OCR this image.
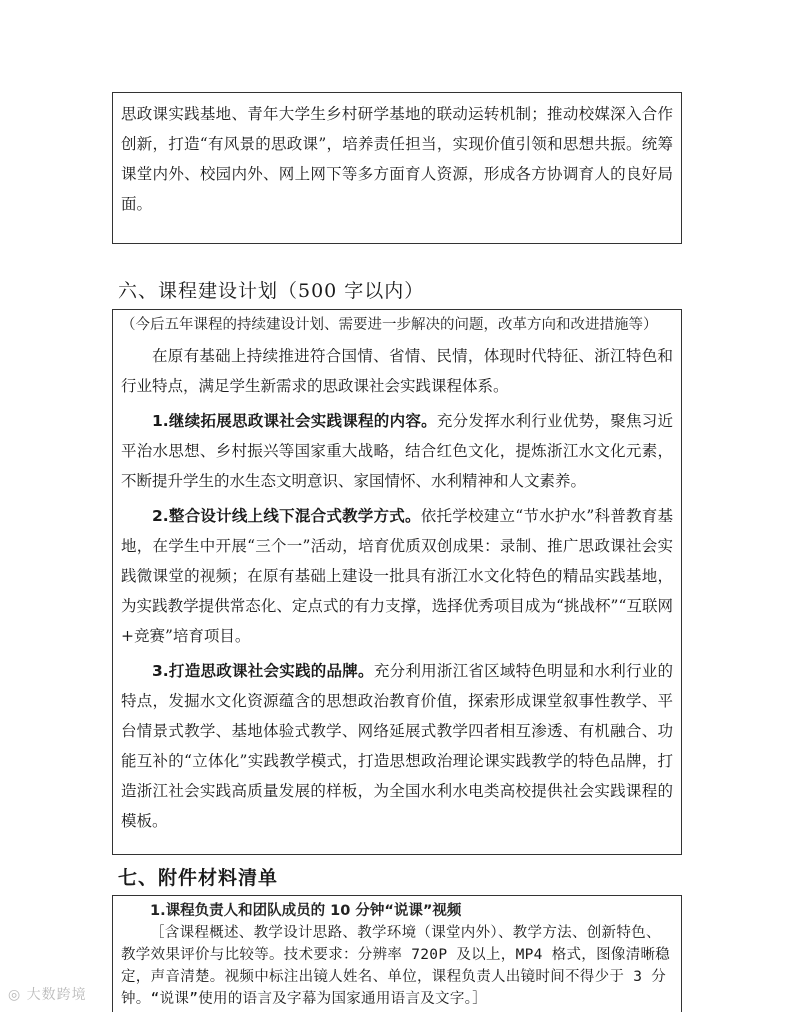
思政课实践基地、青年大学生乡村研学基地的联动运转机制；推动校媒深入合作创新，打造“有风景的思政课”，培养责任担当，实现价值引领和思想共振。统筹课堂内外、校园内外、网上网下等多方面育人资源，形成各方协调育人的良好局面。

六、课程建设计划（500 字以内）

（今后五年课程的持续建设计划、需要进一步解决的问题，改革方向和改进措施等）

在原有基础上持续推进符合国情、省情、民情，体现时代特征、浙江特色和行业特点，满足学生新需求的思政课社会实践课程体系。

1.继续拓展思政课社会实践课程的内容。充分发挥水利行业优势，聚焦习近平治水思想、乡村振兴等国家重大战略，结合红色文化，提炼浙江水文化元素，不断提升学生的水生态文明意识、家国情怀、水利精神和人文素养。

2.整合设计线上线下混合式教学方式。依托学校建立“节水护水”科普教育基地，在学生中开展“三个一”活动，培育优质双创成果：录制、推广思政课社会实践微课堂的视频；在原有基础上建设一批具有浙江水文化特色的精品实践基地，为实践教学提供常态化、定点式的有力支撑，选择优秀项目成为“挑战杯”“互联网+竞赛”培育项目。

3.打造思政课社会实践的品牌。充分利用浙江省区域特色明显和水利行业的特点，发掘水文化资源蕴含的思想政治教育价值，探索形成课堂叙事性教学、平台情景式教学、基地体验式教学、网络延展式教学四者相互渗透、有机融合、功能互补的“立体化”实践教学模式，打造思想政治理论课实践教学的特色品牌，打造浙江社会实践高质量发展的样板，为全国水利水电类高校提供社会实践课程的模板。

七、附件材料清单

1.课程负责人和团队成员的 10 分钟“说课”视频

［含课程概述、教学设计思路、教学环境（课堂内外）、教学方法、创新特色、教学效果评价与比较等。技术要求：分辨率 720P 及以上，MP4 格式，图像清晰稳定，声音清楚。视频中标注出镜人姓名、单位，课程负责人出镜时间不得少于 3 分钟。“说课”使用的语言及字幕为国家通用语言及文字。］

◎ 大数跨境
